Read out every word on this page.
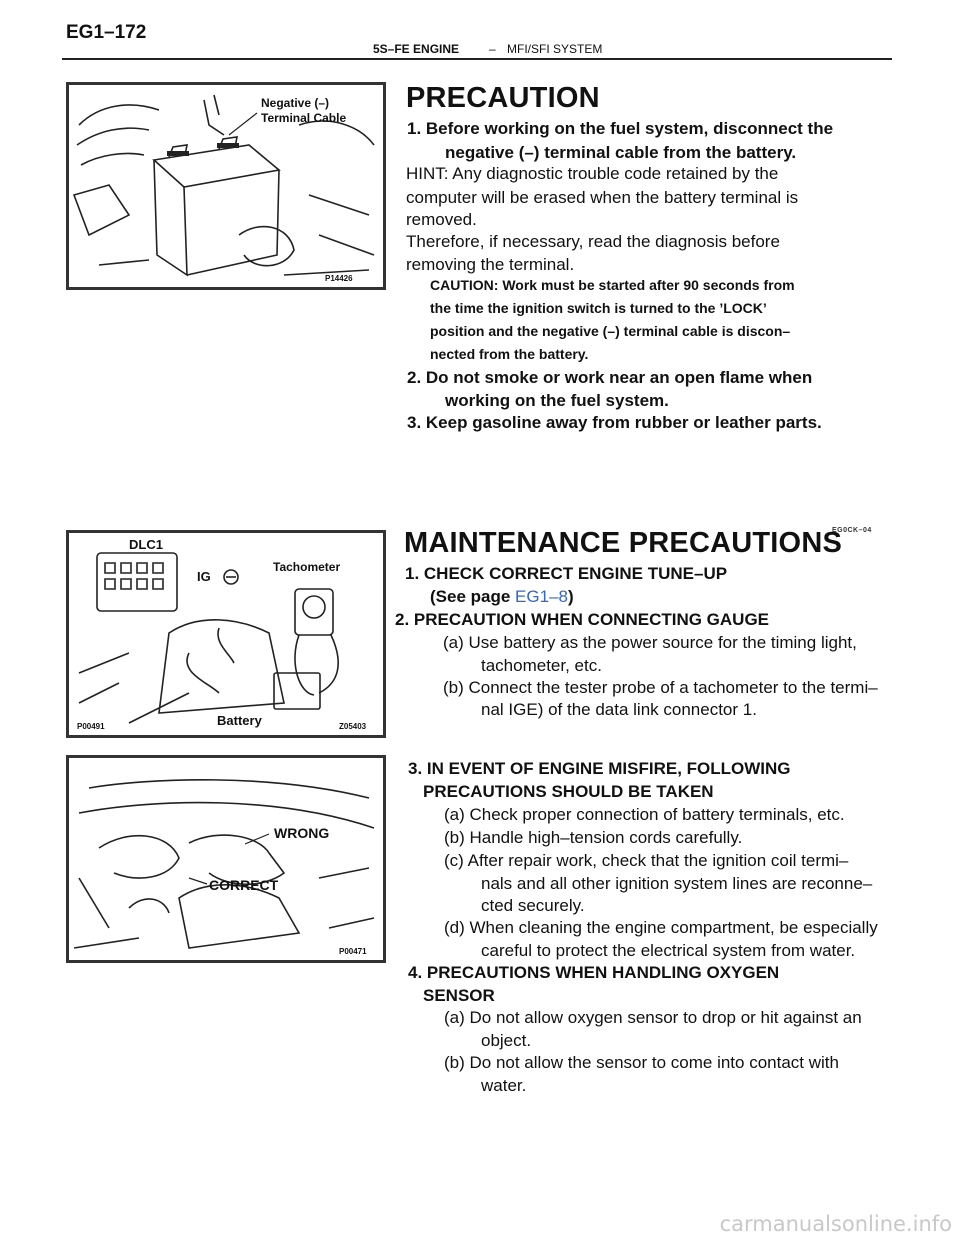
EG1–172
5S–FE ENGINE – MFI/SFI SYSTEM
Negative (–)
Terminal Cable
P14426
DLC1
IG
Tachometer
Battery
P00491	Z05403
WRONG
CORRECT
P00471
PRECAUTION
1. Before working on the fuel system, disconnect the
negative (–) terminal cable from the battery.
HINT: Any diagnostic trouble code retained by the
computer will be erased when the battery terminal is
removed.
Therefore, if necessary, read the diagnosis before
removing the terminal.
CAUTION: Work must be started after 90 seconds from
the time the ignition switch is turned to the ’LOCK’
position and the negative (–) terminal cable is discon–
nected from the battery.
2. Do not smoke or work near an open flame when
working on the fuel system.
3. Keep gasoline away from rubber or leather parts.
EG0CK–04
MAINTENANCE PRECAUTIONS
1. CHECK CORRECT ENGINE TUNE–UP
(See page EG1–8)
2. PRECAUTION WHEN CONNECTING GAUGE
(a) Use battery as the power source for the timing light,
tachometer, etc.
(b) Connect the tester probe of a tachometer to the termi–
nal IGE) of the data link connector 1.
3. IN EVENT OF ENGINE MISFIRE, FOLLOWING
PRECAUTIONS SHOULD BE TAKEN
(a) Check proper connection of battery terminals, etc.
(b) Handle high–tension cords carefully.
(c) After repair work, check that the ignition coil termi–
nals and all other ignition system lines are reconne–
cted securely.
(d) When cleaning the engine compartment, be especially
careful to protect the electrical system from water.
4. PRECAUTIONS WHEN HANDLING OXYGEN
SENSOR
(a) Do not allow oxygen sensor to drop or hit against an
object.
(b) Do not allow the sensor to come into contact with
water.
carmanualsonline.info
